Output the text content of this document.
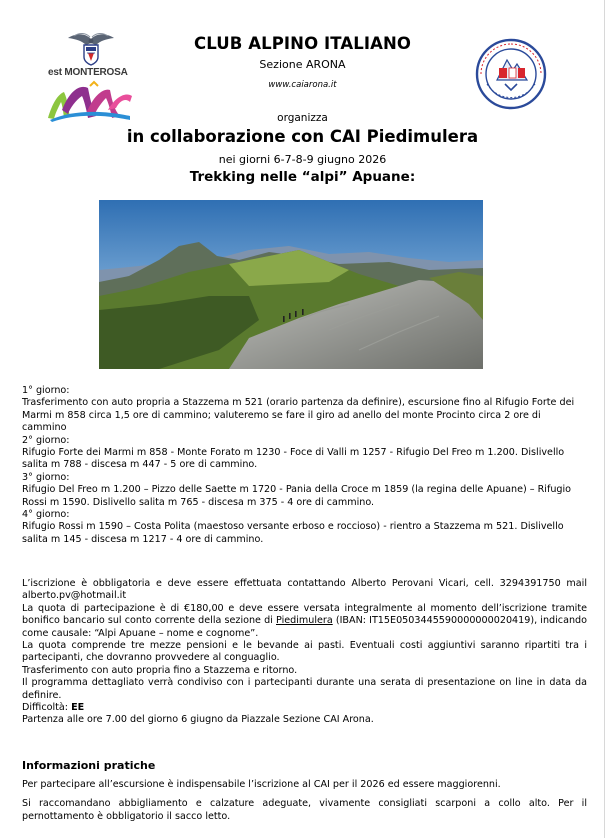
est MONTEROSA
CLUB ALPINO ITALIANO
Sezione ARONA
www.caiarona.it
organizza
in collaborazione con CAI Piedimulera
nei giorni 6-7-8-9 giugno 2026
Trekking nelle “alpi” Apuane:

1° giorno:

Trasferimento con auto propria a Stazzema m 521 (orario partenza da definire), escursione fino al Rifugio Forte dei Marmi m 858 circa 1,5 ore di cammino; valuteremo se fare il giro ad anello del monte Procinto circa 2 ore di cammino

2° giorno:

Rifugio Forte dei Marmi m 858 - Monte Forato m 1230 - Foce di Valli m 1257 - Rifugio Del Freo m 1.200. Dislivello salita m 788 - discesa m 447 - 5 ore di cammino.

3° giorno:

Rifugio Del Freo m 1.200 – Pizzo delle Saette m 1720 - Pania della Croce m 1859 (la regina delle Apuane) – Rifugio Rossi m 1590. Dislivello salita m 765 - discesa m 375 - 4 ore di cammino.

4° giorno:

Rifugio Rossi m 1590 – Costa Polita (maestoso versante erboso e roccioso) - rientro a Stazzema m 521. Dislivello salita m 145 - discesa m 1217 - 4 ore di cammino.

L’iscrizione è obbligatoria e deve essere effettuata contattando Alberto Perovani Vicari, cell. 3294391750 mail alberto.pv@hotmail.it

La quota di partecipazione è di €180,00 e deve essere versata integralmente al momento dell’iscrizione tramite bonifico bancario sul conto corrente della sezione di Piedimulera (IBAN: IT15E0503445590000000020419), indicando come causale: “Alpi Apuane – nome e cognome”.

La quota comprende tre mezze pensioni e le bevande ai pasti. Eventuali costi aggiuntivi saranno ripartiti tra i partecipanti, che dovranno provvedere al conguaglio.

Trasferimento con auto propria fino a Stazzema e ritorno.

Il programma dettagliato verrà condiviso con i partecipanti durante una serata di presentazione on line in data da definire.

Difficoltà: EE

Partenza alle ore 7.00 del giorno 6 giugno da Piazzale Sezione CAI Arona.

Informazioni pratiche
Per partecipare all’escursione è indispensabile l’iscrizione al CAI per il 2026 ed essere maggiorenni.
Si raccomandano abbigliamento e calzature adeguate, vivamente consigliati scarponi a collo alto. Per il pernottamento è obbligatorio il sacco letto.
